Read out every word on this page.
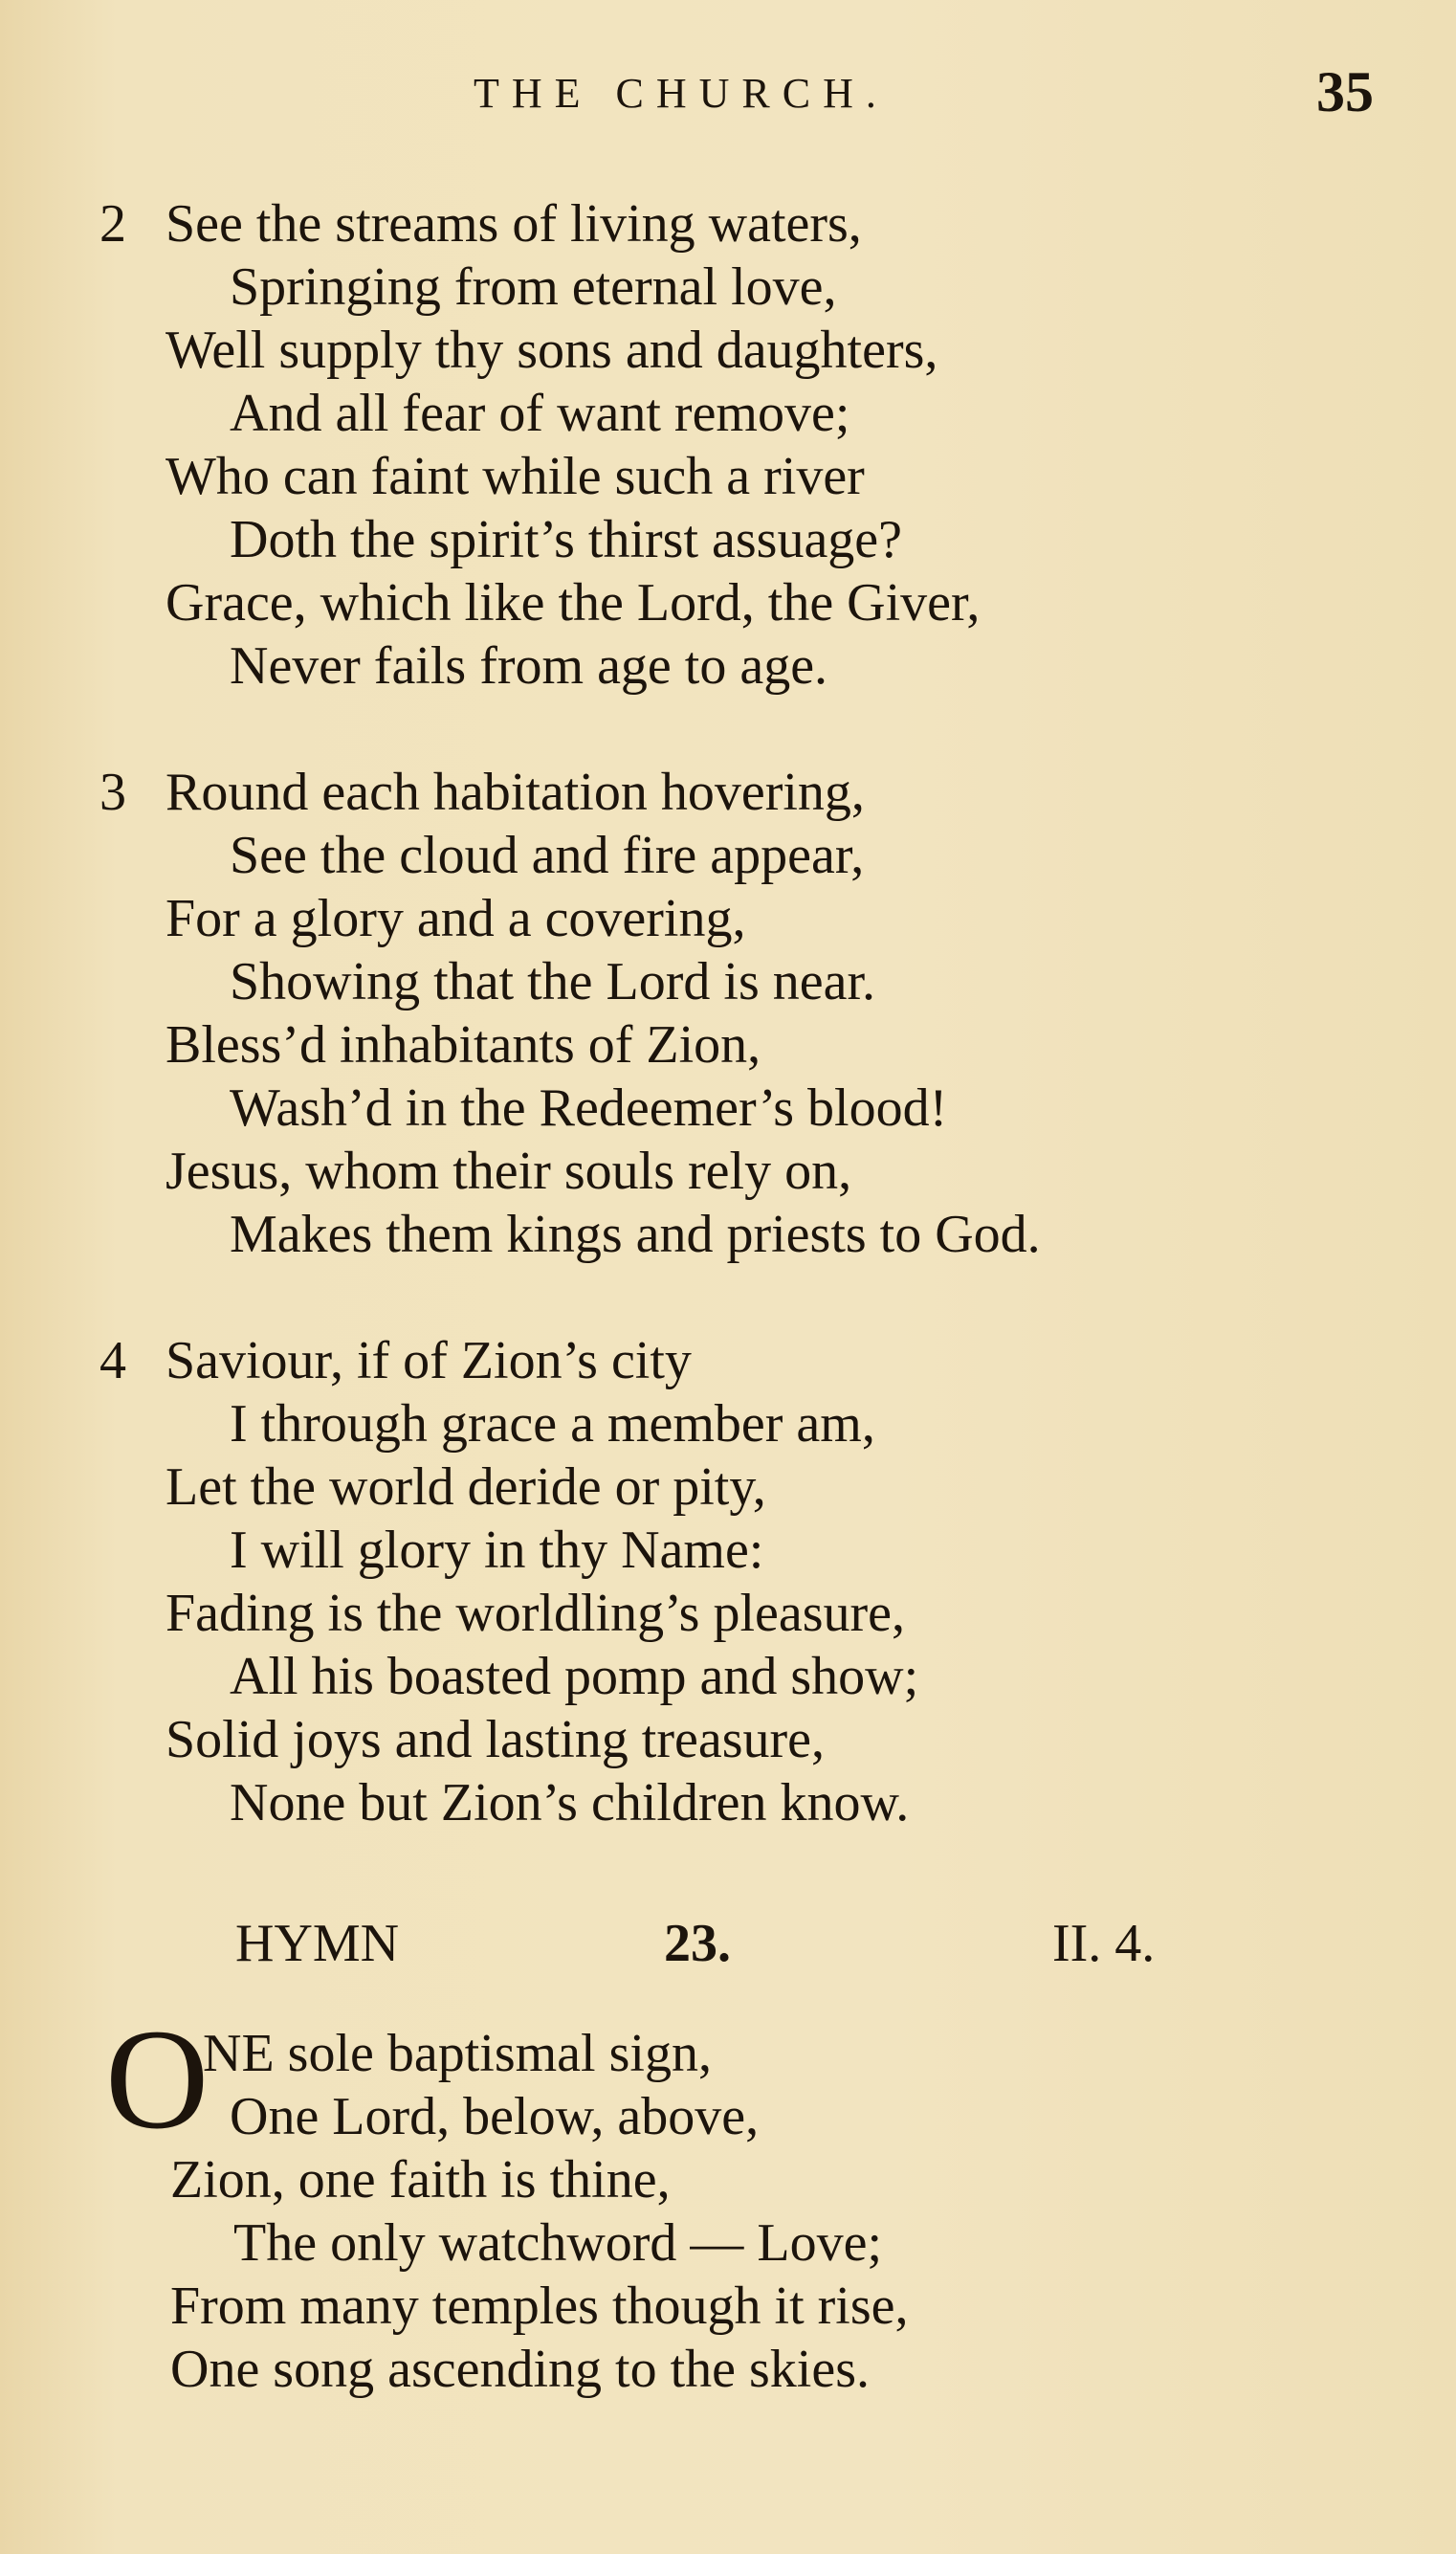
THE CHURCH.	35
2 See the streams of living waters,
Springing from eternal love,
Well supply thy sons and daughters,
And all fear of want remove;
Who can faint while such a river
Doth the spirit’s thirst assuage?
Grace, which like the Lord, the Giver,
Never fails from age to age.
3 Round each habitation hovering,
See the cloud and fire appear,
For a glory and a covering,
Showing that the Lord is near.
Bless’d inhabitants of Zion,
Wash’d in the Redeemer’s blood!
Jesus, whom their souls rely on,
Makes them kings and priests to God.
4 Saviour, if of Zion’s city
I through grace a member am,
Let the world deride or pity,
I will glory in thy Name:
Fading is the worldling’s pleasure,
All his boasted pomp and show;
Solid joys and lasting treasure,
None but Zion’s children know.
HYMN	23.	II. 4.
O
NE sole baptismal sign,
One Lord, below, above,
Zion, one faith is thine,
The only watchword — Love;
From many temples though it rise,
One song ascending to the skies.
